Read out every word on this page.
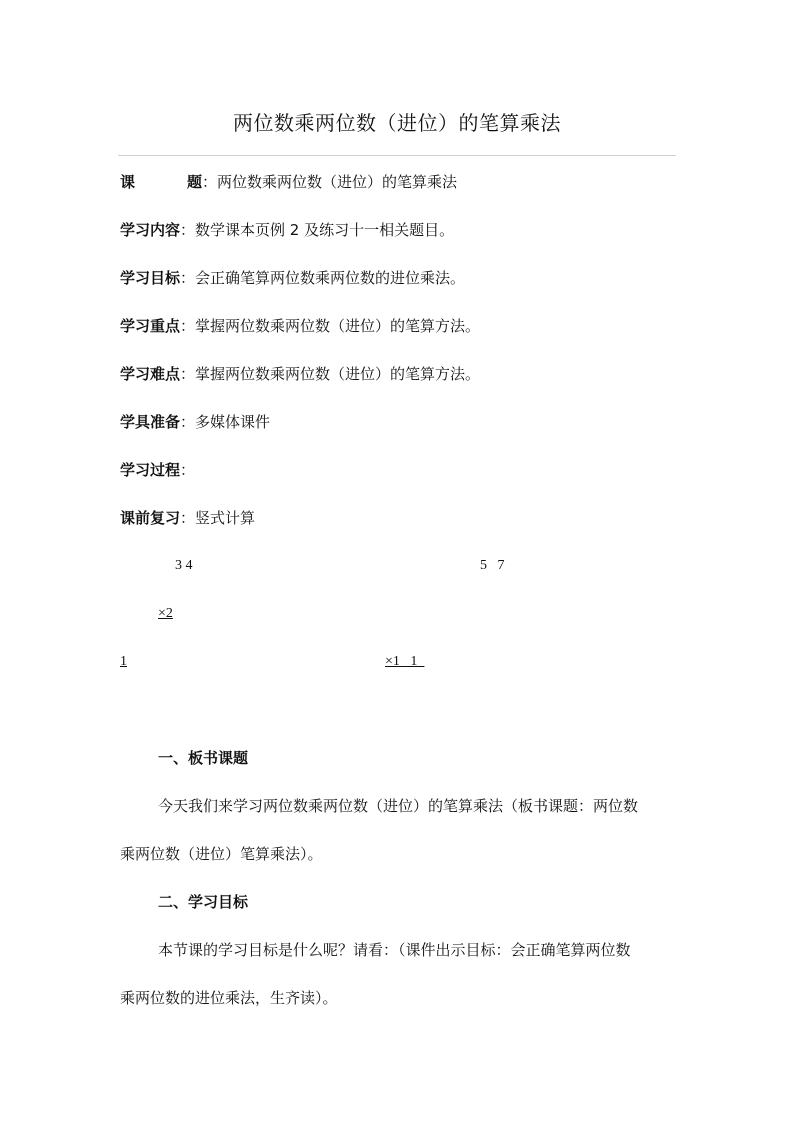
两位数乘两位数（进位）的笔算乘法
课	题：两位数乘两位数（进位）的笔算乘法
学习内容：数学课本页例 2 及练习十一相关题目。
学习目标：会正确笔算两位数乘两位数的进位乘法。
学习重点：掌握两位数乘两位数（进位）的笔算方法。
学习难点：掌握两位数乘两位数（进位）的笔算方法。
学具准备：多媒体课件
学习过程：
课前复习：竖式计算
3 4	5   7
×2
1	×1   1
一、板书课题
今天我们来学习两位数乘两位数（进位）的笔算乘法（板书课题：两位数
乘两位数（进位）笔算乘法）。
二、学习目标
本节课的学习目标是什么呢？请看：（课件出示目标：会正确笔算两位数
乘两位数的进位乘法，生齐读）。
